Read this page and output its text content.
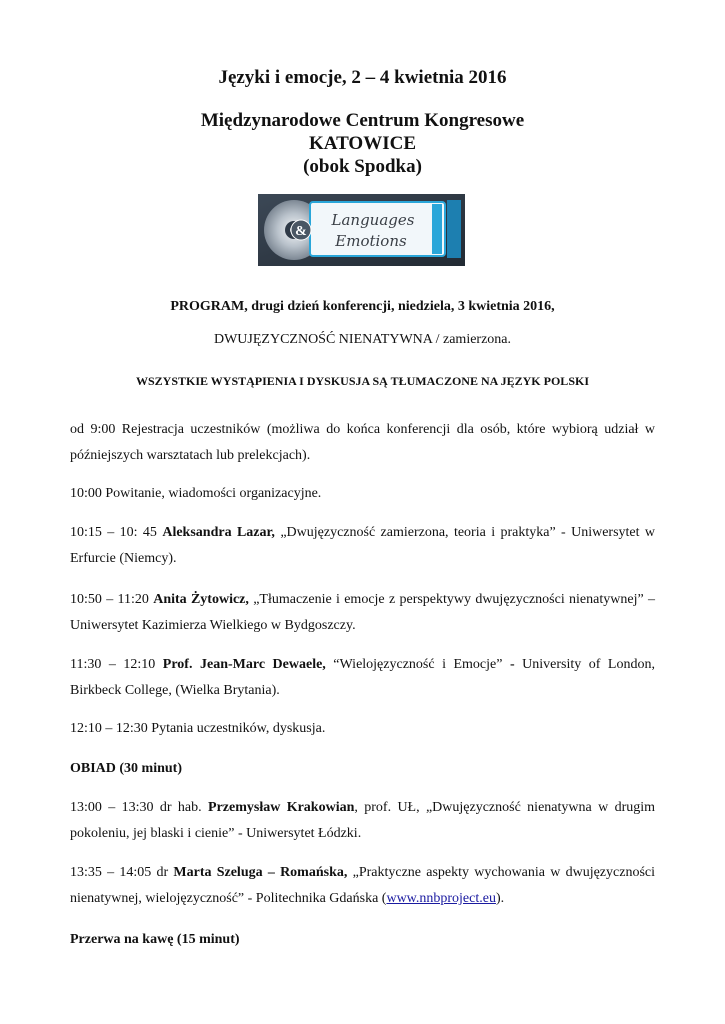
Języki i emocje, 2 – 4 kwietnia 2016
Międzynarodowe Centrum Kongresowe
KATOWICE
(obok Spodka)
&
Languages
Emotions
PROGRAM, drugi dzień konferencji, niedziela, 3 kwietnia 2016,
DWUJĘZYCZNOŚĆ NIENATYWNA / zamierzona.
WSZYSTKIE WYSTĄPIENIA I DYSKUSJA SĄ TŁUMACZONE NA JĘZYK POLSKI
od 9:00 Rejestracja uczestników (możliwa do końca konferencji dla osób, które wybiorą udział w późniejszych warsztatach lub prelekcjach).
10:00 Powitanie, wiadomości organizacyjne.
10:15 – 10: 45 Aleksandra Lazar, „Dwujęzyczność zamierzona, teoria i praktyka” - Uniwersytet w Erfurcie (Niemcy).
10:50 – 11:20 Anita Żytowicz, „Tłumaczenie i emocje z perspektywy dwujęzyczności nienatywnej” – Uniwersytet Kazimierza Wielkiego w Bydgoszczy.
11:30 – 12:10 Prof. Jean-Marc Dewaele, “Wielojęzyczność i Emocje” - University of London, Birkbeck College, (Wielka Brytania).
12:10 – 12:30 Pytania uczestników, dyskusja.
OBIAD (30 minut)
13:00 – 13:30 dr hab. Przemysław Krakowian, prof. UŁ, „Dwujęzyczność nienatywna w drugim pokoleniu, jej blaski i cienie” - Uniwersytet Łódzki.
13:35 – 14:05 dr Marta Szeluga – Romańska, „Praktyczne aspekty wychowania w dwujęzyczności nienatywnej, wielojęzyczność” - Politechnika Gdańska (www.nnbproject.eu).
Przerwa na kawę (15 minut)
